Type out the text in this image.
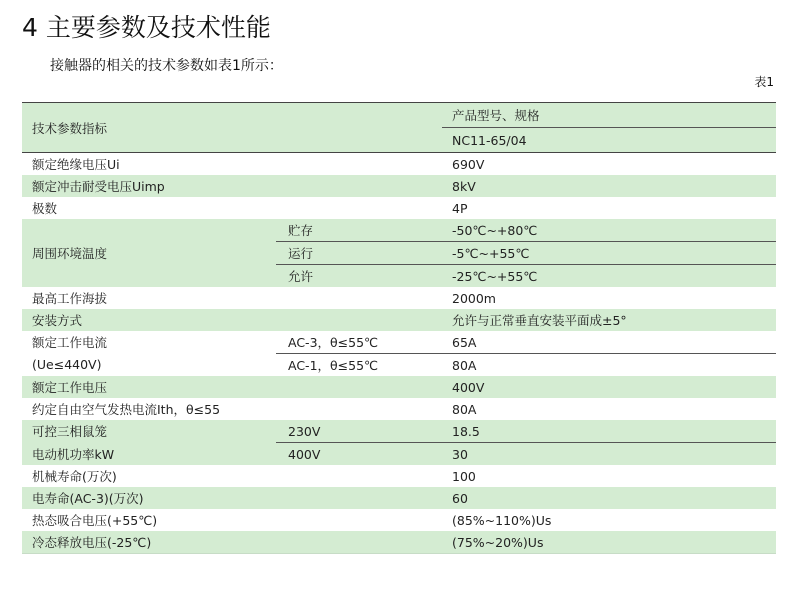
4 主要参数及技术性能
接触器的相关的技术参数如表1所示：
表1
技术参数指标		产品型号、规格
		NC11-65/04
额定绝缘电压Ui		690V
额定冲击耐受电压Uimp		8kV
极数		4P
周围环境温度	贮存	-50℃~+80℃
	运行	-5℃~+55℃
	允许	-25℃~+55℃
最高工作海拔		2000m
安装方式		允许与正常垂直安装平面成±5°
额定工作电流	AC-3，θ≤55℃	65A
(Ue≤440V)	AC-1，θ≤55℃	80A
额定工作电压		400V
约定自由空气发热电流Ith，θ≤55		80A
可控三相鼠笼	230V	18.5
电动机功率kW	400V	30
机械寿命(万次)		100
电寿命(AC-3)(万次)		60
热态吸合电压(+55℃)		(85%~110%)Us
冷态释放电压(-25℃)		(75%~20%)Us
